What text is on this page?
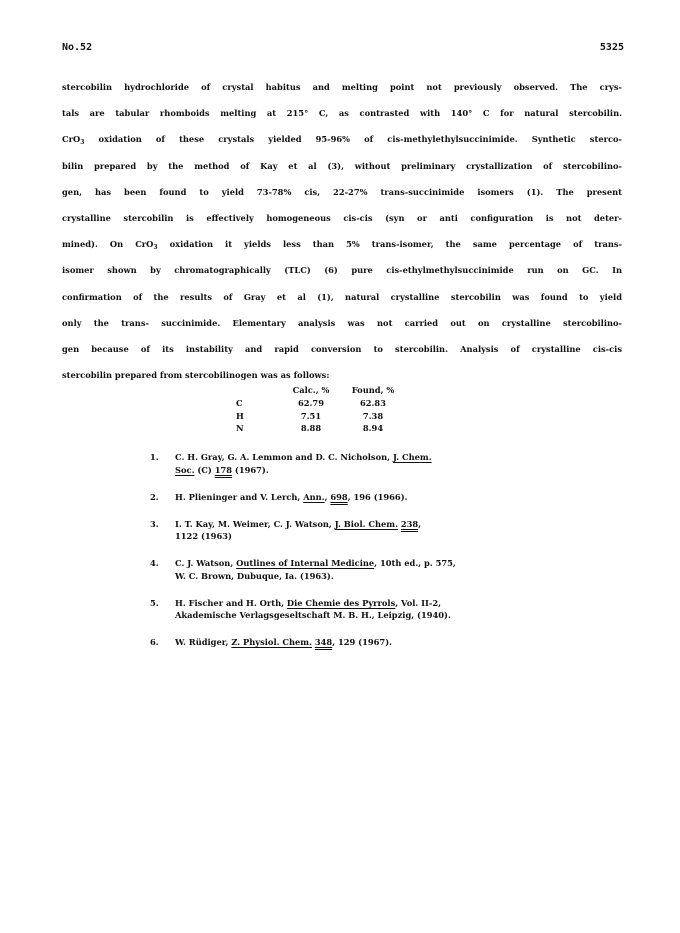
No.52	5325
stercobilin hydrochloride of crystal habitus and melting point not previously observed. The crys-
tals are tabular rhomboids melting at 215° C, as contrasted with 140° C for natural stercobilin.
CrO$_3$ oxidation of these crystals yielded 95-96% of cis-methylethylsuccinimide. Synthetic sterco-
bilin prepared by the method of Kay et al (3), without preliminary crystallization of stercobilino-
gen, has been found to yield 73-78% cis, 22-27% trans-succinimide isomers (1). The present
crystalline stercobilin is effectively homogeneous cis-cis (syn or anti configuration is not deter-
mined). On CrO$_3$ oxidation it yields less than 5% trans-isomer, the same percentage of trans-
isomer shown by chromatographically (TLC) (6) pure cis-ethylmethylsuccinimide run on GC. In
confirmation of the results of Gray et al (1), natural crystalline stercobilin was found to yield
only the trans- succinimide. Elementary analysis was not carried out on crystalline stercobilino-
gen because of its instability and rapid conversion to stercobilin. Analysis of crystalline cis-cis
stercobilin prepared from stercobilinogen was as follows:
Calc., %	Found, %
C	62.79	62.83
H	7.51	7.38
N	8.88	8.94
1.	C. H. Gray, G. A. Lemmon and D. C. Nicholson, J. Chem.
Soc. (C) 178 (1967).
2.	H. Plieninger and V. Lerch, Ann., 698, 196 (1966).
3.	I. T. Kay, M. Weimer, C. J. Watson, J. Biol. Chem. 238,
1122 (1963)
4.	C. J. Watson, Outlines of Internal Medicine, 10th ed., p. 575,
W. C. Brown, Dubuque, Ia. (1963).
5.	H. Fischer and H. Orth, Die Chemie des Pyrrols, Vol. II-2,
Akademische Verlagsgeseltschaft M. B. H., Leipzig, (1940).
6.	W. Rüdiger, Z. Physiol. Chem. 348, 129 (1967).
